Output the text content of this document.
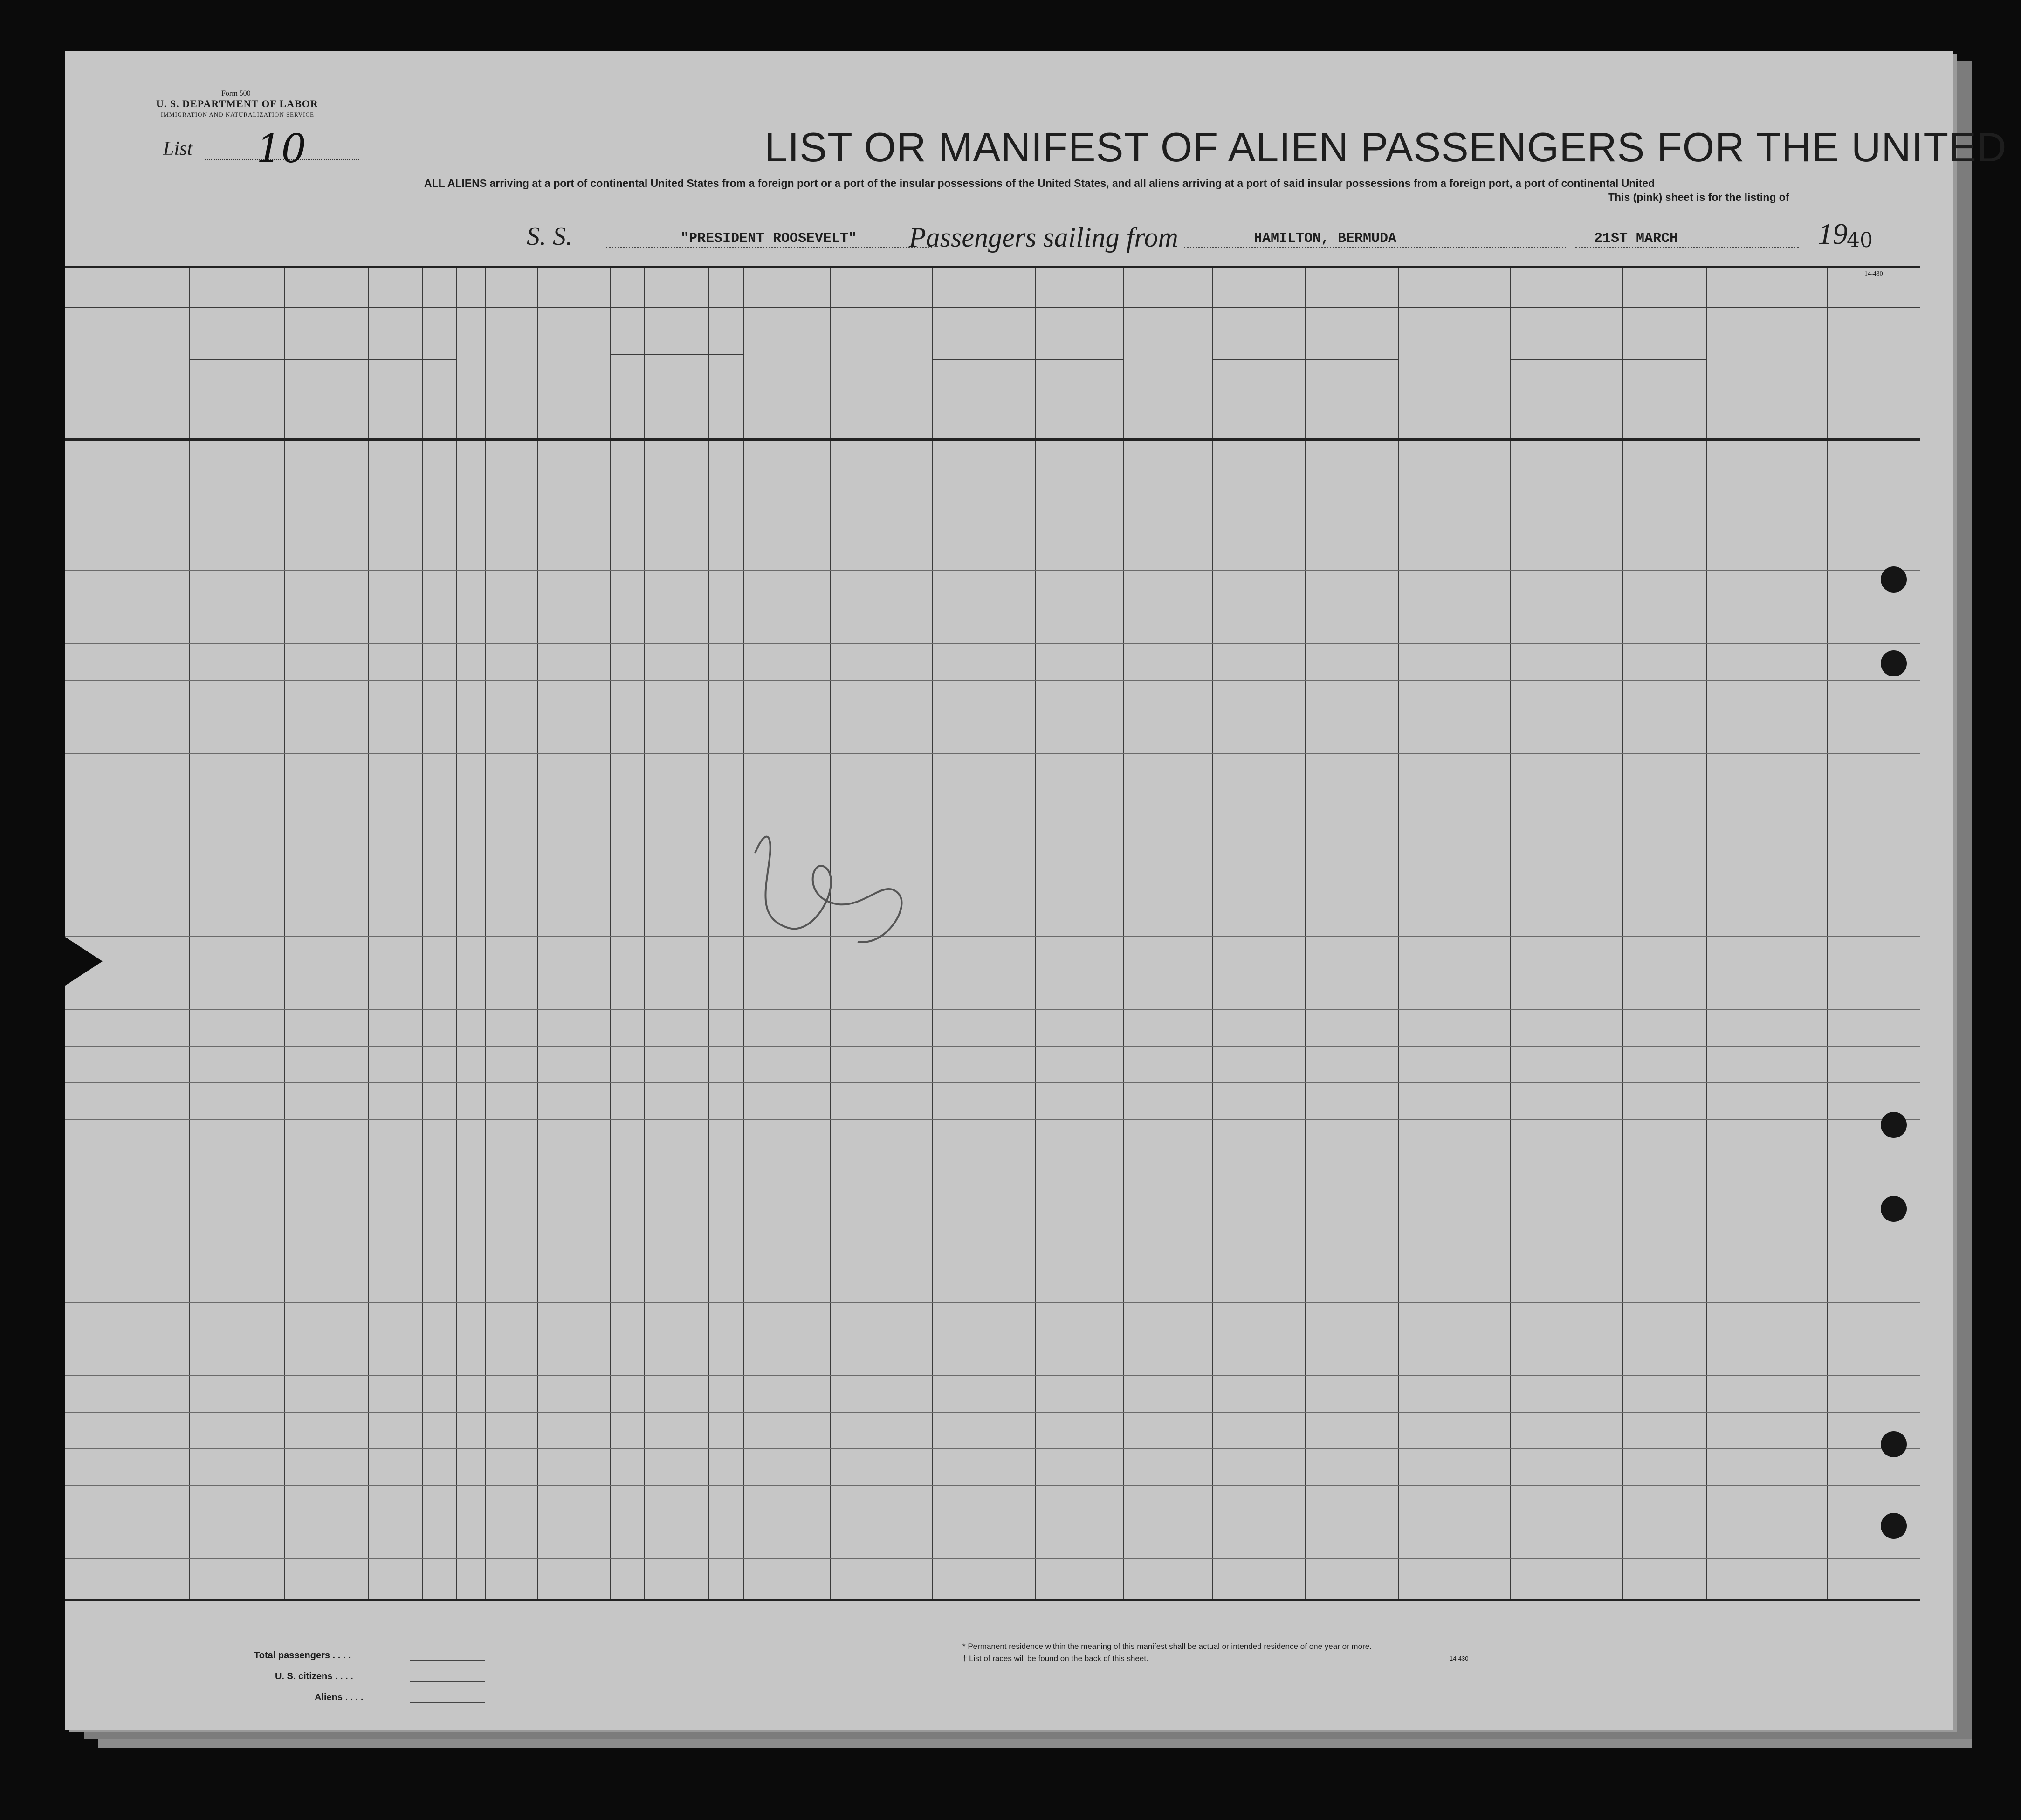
Form 500
U. S. DEPARTMENT OF LABOR
IMMIGRATION AND NATURALIZATION SERVICE
List 10	LIST OR MANIFEST OF ALIEN PASSENGERS FOR THE UNITED
ALL ALIENS arriving at a port of continental United States from a foreign port or a port of the insular possessions of the United States, and all aliens arriving at a port of said insular possessions from a foreign port, a port of continental United
This (pink) sheet is for the listing of
S. S.	"PRESIDENT ROOSEVELT" Passengers sailing from	HAMILTON, BERMUDA	21ST MARCH	19
40
14-430
Total passengers . . . .
U. S. citizens . . . .
Aliens . . . .
* Permanent residence within the meaning of this manifest shall be actual or intended residence of one year or more.
† List of races will be found on the back of this sheet.	14-430
